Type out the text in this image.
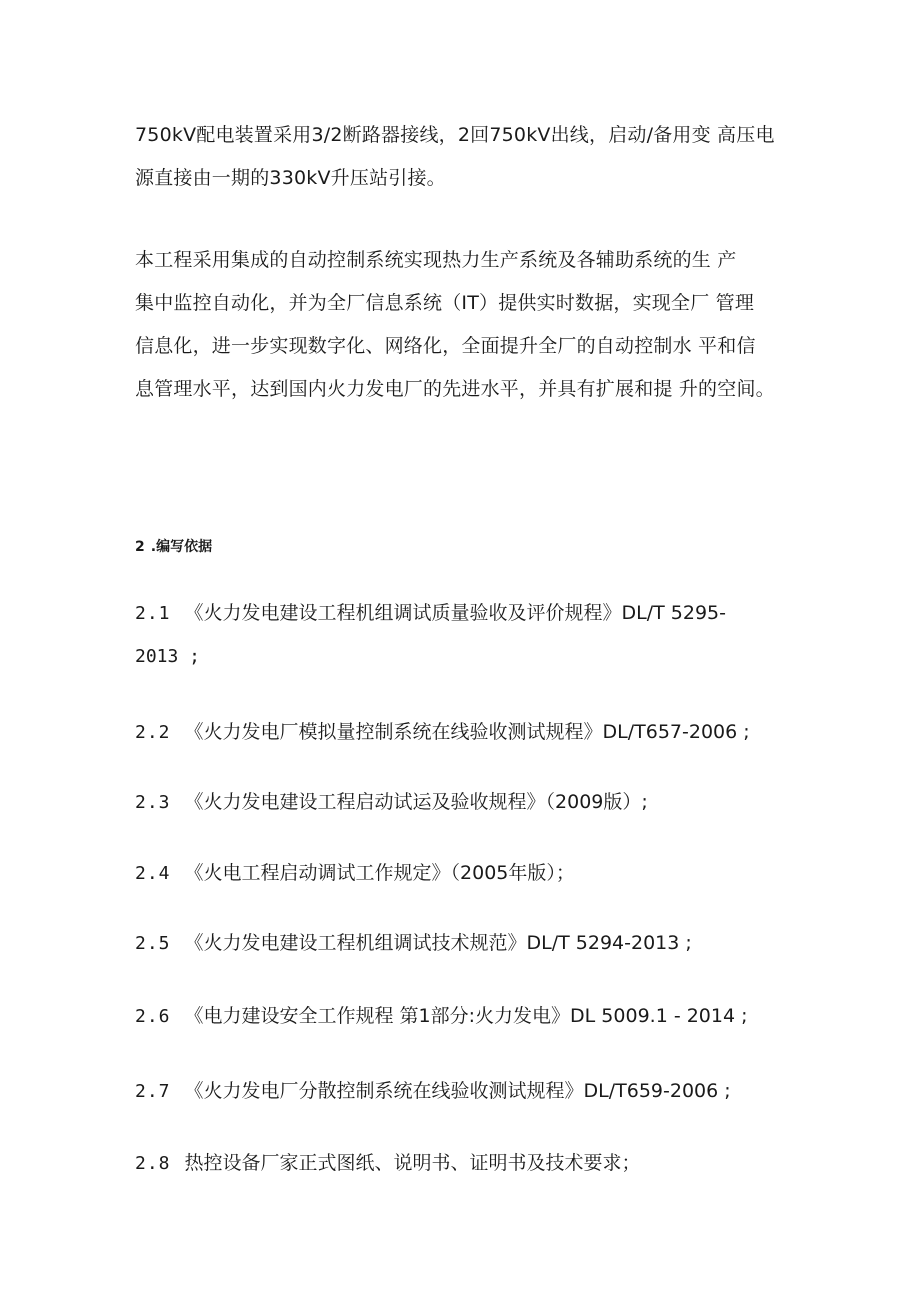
750kV配电装置采用3/2断路器接线，2回750kV出线，启动/备用变 高压电
源直接由一期的330kV升压站引接。

本工程采用集成的自动控制系统实现热力生产系统及各辅助系统的生 产
集中监控自动化，并为全厂信息系统（IT）提供实时数据，实现全厂 管理
信息化，进一步实现数字化、网络化，全面提升全厂的自动控制水 平和信
息管理水平，达到国内火力发电厂的先进水平，并具有扩展和提 升的空间。

2 .编写依据

2.1 《火力发电建设工程机组调试质量验收及评价规程》DL/T 5295-
2013 ;

2.2 《火力发电厂模拟量控制系统在线验收测试规程》DL/T657-2006 ;

2.3 《火力发电建设工程启动试运及验收规程》（2009版）;

2.4 《火电工程启动调试工作规定》（2005年版）；

2.5 《火力发电建设工程机组调试技术规范》DL/T 5294-2013 ;

2.6 《电力建设安全工作规程 第1部分:火力发电》DL 5009.1 - 2014 ;

2.7 《火力发电厂分散控制系统在线验收测试规程》DL/T659-2006 ;

2.8 热控设备厂家正式图纸、说明书、证明书及技术要求；
